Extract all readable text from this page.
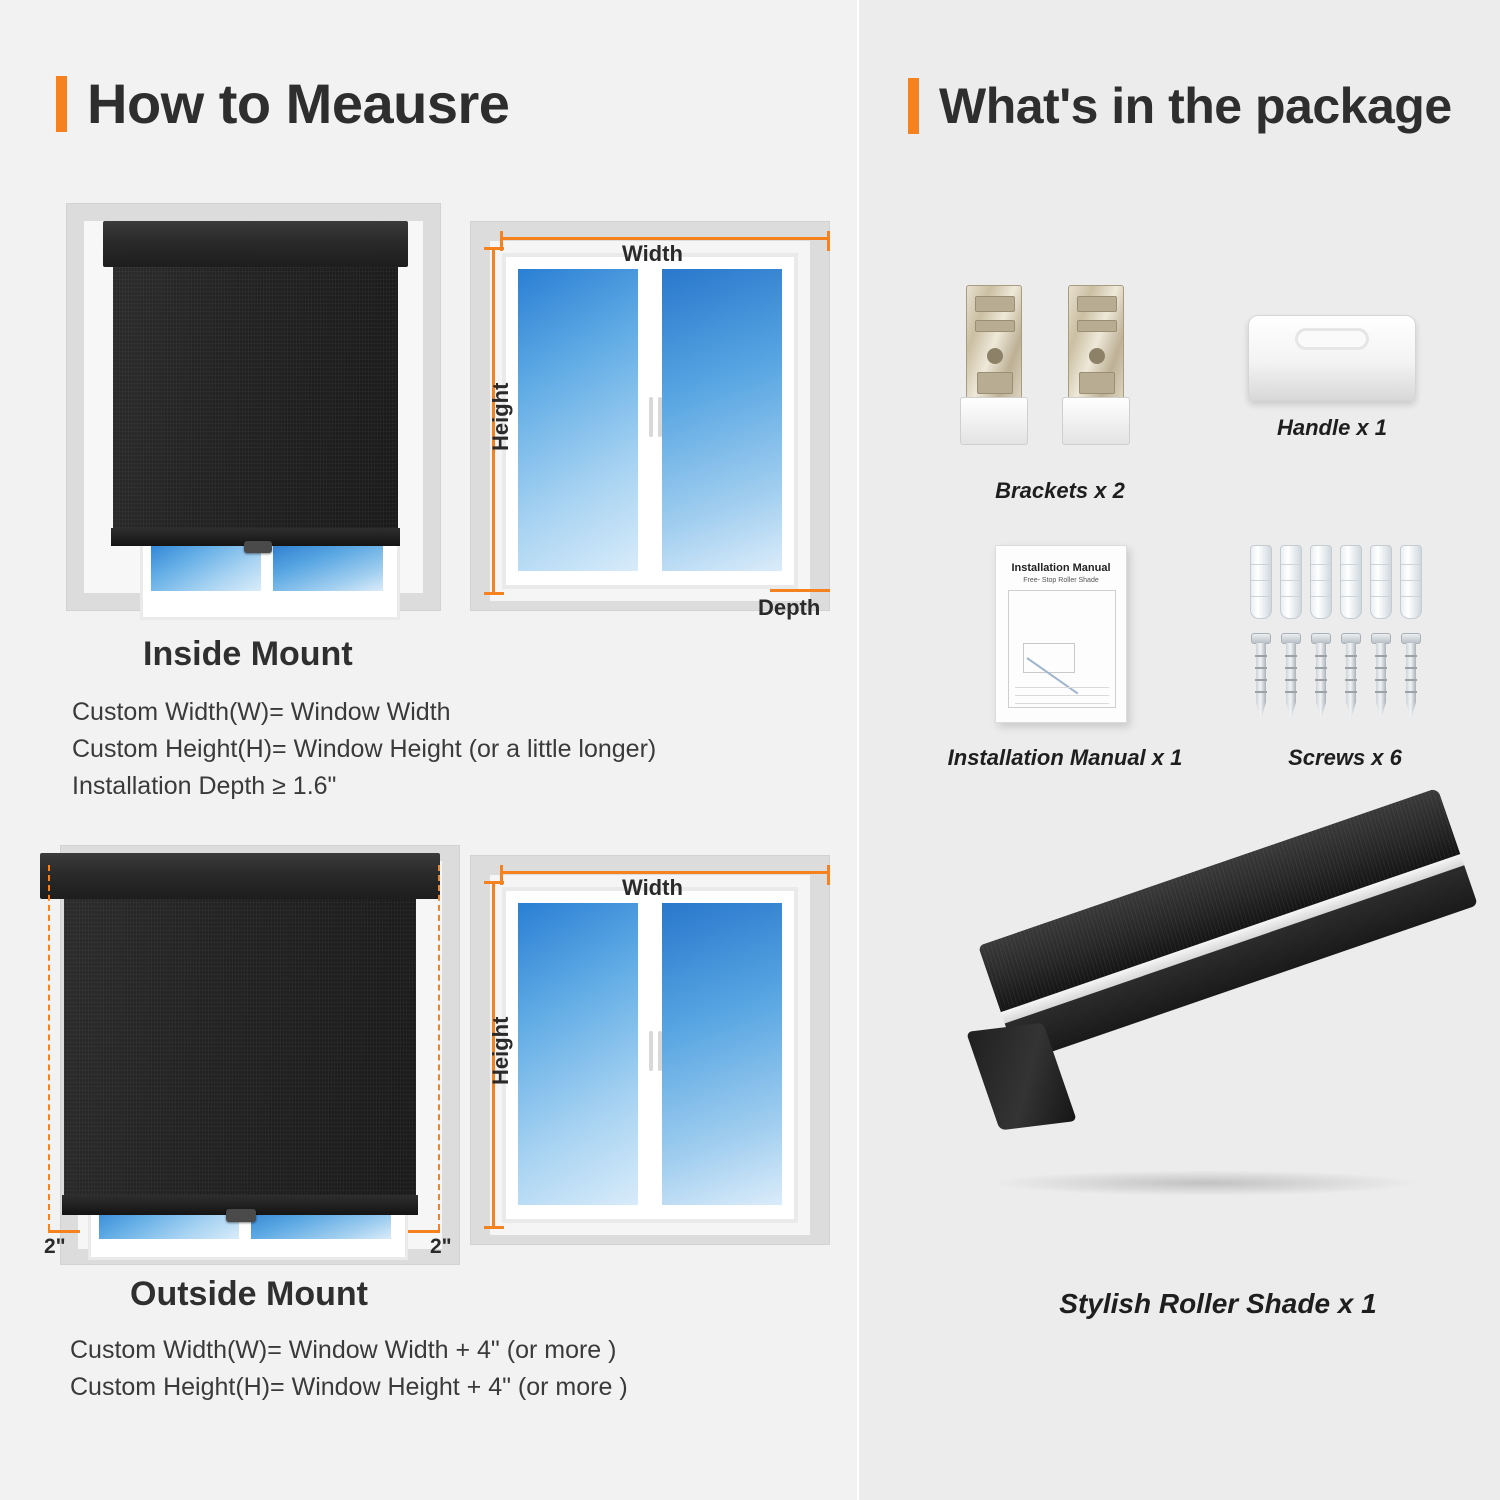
How to Meausre	What's in the package
Width
Height
Depth
Inside Mount
Custom Width(W)= Window Width
Custom Height(H)= Window Height (or a little longer)
Installation Depth ≥ 1.6"
2"	2"
Width
Height
Outside Mount
Custom Width(W)= Window Width + 4" (or more )
Custom Height(H)= Window Height + 4" (or more )
Brackets x 2
Handle x 1
Installation Manual
Free- Stop Roller Shade
Installation Manual x 1	Screws x 6
Stylish Roller Shade x 1
